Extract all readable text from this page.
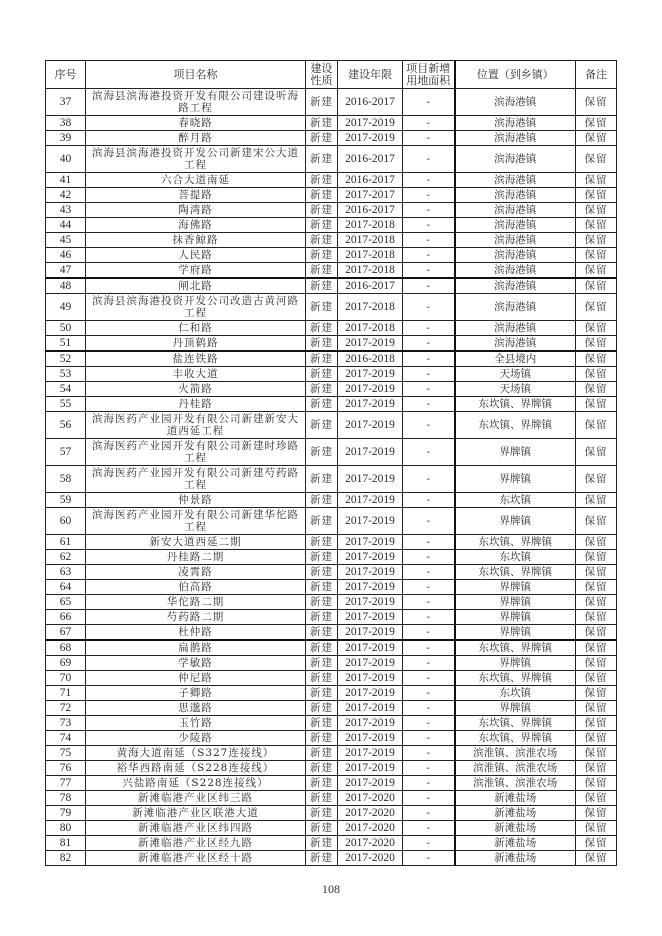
序号	项目名称	建设性质	建设年限	项目新增用地面积	位置（到乡镇）	备注
37	滨海县滨海港投资开发有限公司建设听海路工程	新建	2016-2017	-	滨海港镇	保留
38	春晓路	新建	2017-2019	-	滨海港镇	保留
39	醉月路	新建	2017-2019	-	滨海港镇	保留
40	滨海县滨海港投资开发公司新建宋公大道工程	新建	2016-2017	-	滨海港镇	保留
41	六合大道南延	新建	2016-2017	-	滨海港镇	保留
42	菩提路	新建	2017-2017	-	滨海港镇	保留
43	陶湾路	新建	2016-2017	-	滨海港镇	保留
44	海佛路	新建	2017-2018	-	滨海港镇	保留
45	抹香鲸路	新建	2017-2018	-	滨海港镇	保留
46	人民路	新建	2017-2018	-	滨海港镇	保留
47	学府路	新建	2017-2018	-	滨海港镇	保留
48	闸北路	新建	2016-2017	-	滨海港镇	保留
49	滨海县滨海港投资开发公司改造古黄河路工程	新建	2017-2018	-	滨海港镇	保留
50	仁和路	新建	2017-2018	-	滨海港镇	保留
51	丹顶鹤路	新建	2017-2019	-	滨海港镇	保留
52	盐连铁路	新建	2016-2018	-	全县境内	保留
53	丰收大道	新建	2017-2019	-	天场镇	保留
54	火箭路	新建	2017-2019	-	天场镇	保留
55	丹桂路	新建	2017-2019	-	东坎镇、界牌镇	保留
56	滨海医药产业园开发有限公司新建新安大道西延工程	新建	2017-2019	-	东坎镇、界牌镇	保留
57	滨海医药产业园开发有限公司新建时珍路工程	新建	2017-2019	-	界牌镇	保留
58	滨海医药产业园开发有限公司新建芍药路工程	新建	2017-2019	-	界牌镇	保留
59	仲景路	新建	2017-2019	-	东坎镇	保留
60	滨海医药产业园开发有限公司新建华佗路工程	新建	2017-2019	-	界牌镇	保留
61	新安大道西延二期	新建	2017-2019	-	东坎镇、界牌镇	保留
62	丹桂路二期	新建	2017-2019	-	东坎镇	保留
63	凌霄路	新建	2017-2019	-	东坎镇、界牌镇	保留
64	伯高路	新建	2017-2019	-	界牌镇	保留
65	华佗路二期	新建	2017-2019	-	界牌镇	保留
66	芍药路二期	新建	2017-2019	-	界牌镇	保留
67	杜仲路	新建	2017-2019	-	界牌镇	保留
68	扁鹊路	新建	2017-2019	-	东坎镇、界牌镇	保留
69	学敏路	新建	2017-2019	-	界牌镇	保留
70	仲尼路	新建	2017-2019	-	东坎镇、界牌镇	保留
71	子卿路	新建	2017-2019	-	东坎镇	保留
72	思邈路	新建	2017-2019	-	界牌镇	保留
73	玉竹路	新建	2017-2019	-	东坎镇、界牌镇	保留
74	少陵路	新建	2017-2019	-	东坎镇、界牌镇	保留
75	黄海大道南延（S327连接线）	新建	2017-2019	-	滨淮镇、滨淮农场	保留
76	裕华西路南延（S228连接线）	新建	2017-2019	-	滨淮镇、滨淮农场	保留
77	兴盐路南延（S228连接线）	新建	2017-2019	-	滨淮镇、滨淮农场	保留
78	新滩临港产业区纬三路	新建	2017-2020	-	新滩盐场	保留
79	新滩临港产业区联港大道	新建	2017-2020	-	新滩盐场	保留
80	新滩临港产业区纬四路	新建	2017-2020	-	新滩盐场	保留
81	新滩临港产业区经九路	新建	2017-2020	-	新滩盐场	保留
82	新滩临港产业区经十路	新建	2017-2020	-	新滩盐场	保留
108
